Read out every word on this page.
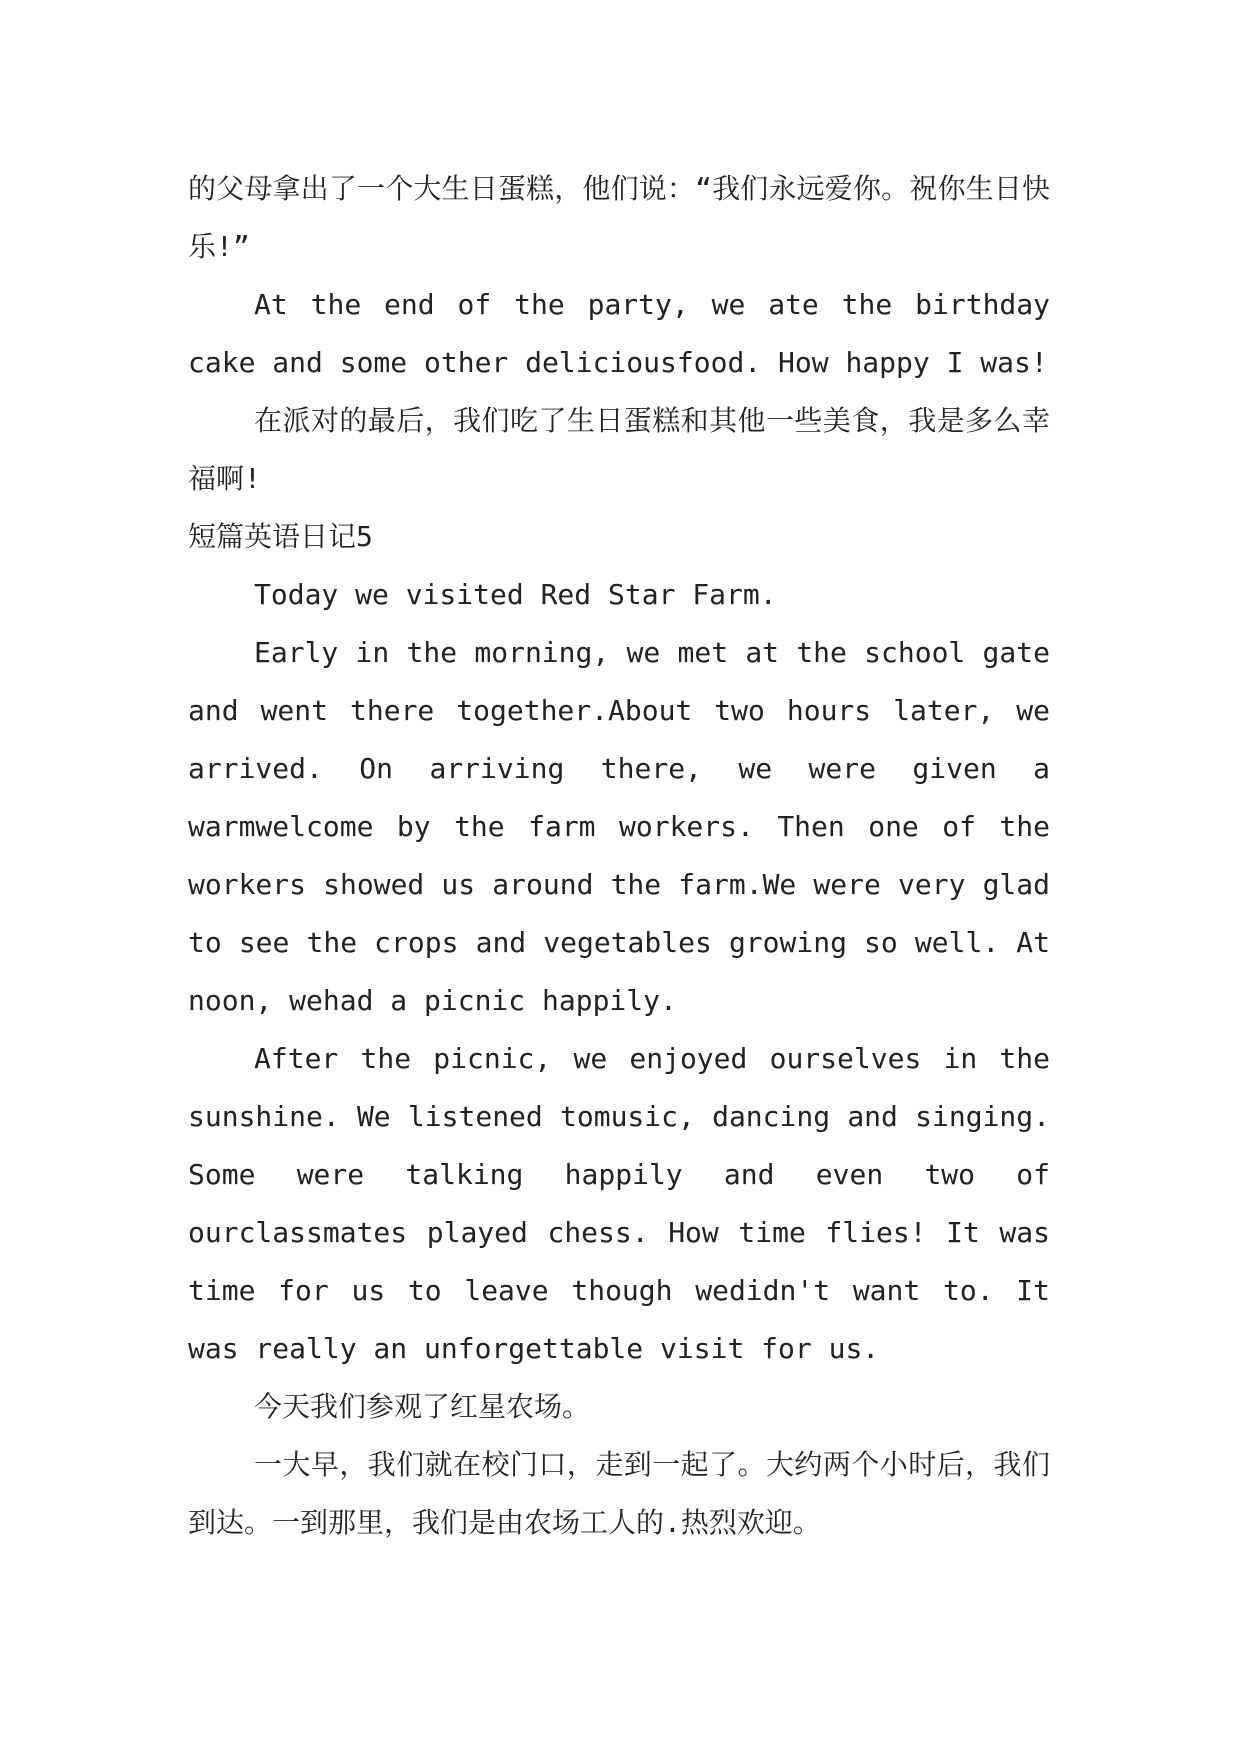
的父母拿出了一个大生日蛋糕，他们说：“我们永远爱你。祝你生日快乐!”

At the end of the party, we ate the birthday cake and some other deliciousfood. How happy I was!

在派对的最后，我们吃了生日蛋糕和其他一些美食，我是多么幸福啊!

短篇英语日记5

Today we visited Red Star Farm.

Early in the morning, we met at the school gate and went there together.About two hours later, we arrived. On arriving there, we were given a warmwelcome by the farm workers. Then one of the workers showed us around the farm.We were very glad to see the crops and vegetables growing so well. At noon, wehad a picnic happily.

After the picnic, we enjoyed ourselves in the sunshine. We listened tomusic, dancing and singing. Some were talking happily and even two of ourclassmates played chess. How time flies! It was time for us to leave though wedidn't want to. It was really an unforgettable visit for us.

今天我们参观了红星农场。

一大早，我们就在校门口，走到一起了。大约两个小时后，我们到达。一到那里，我们是由农场工人的.热烈欢迎。
